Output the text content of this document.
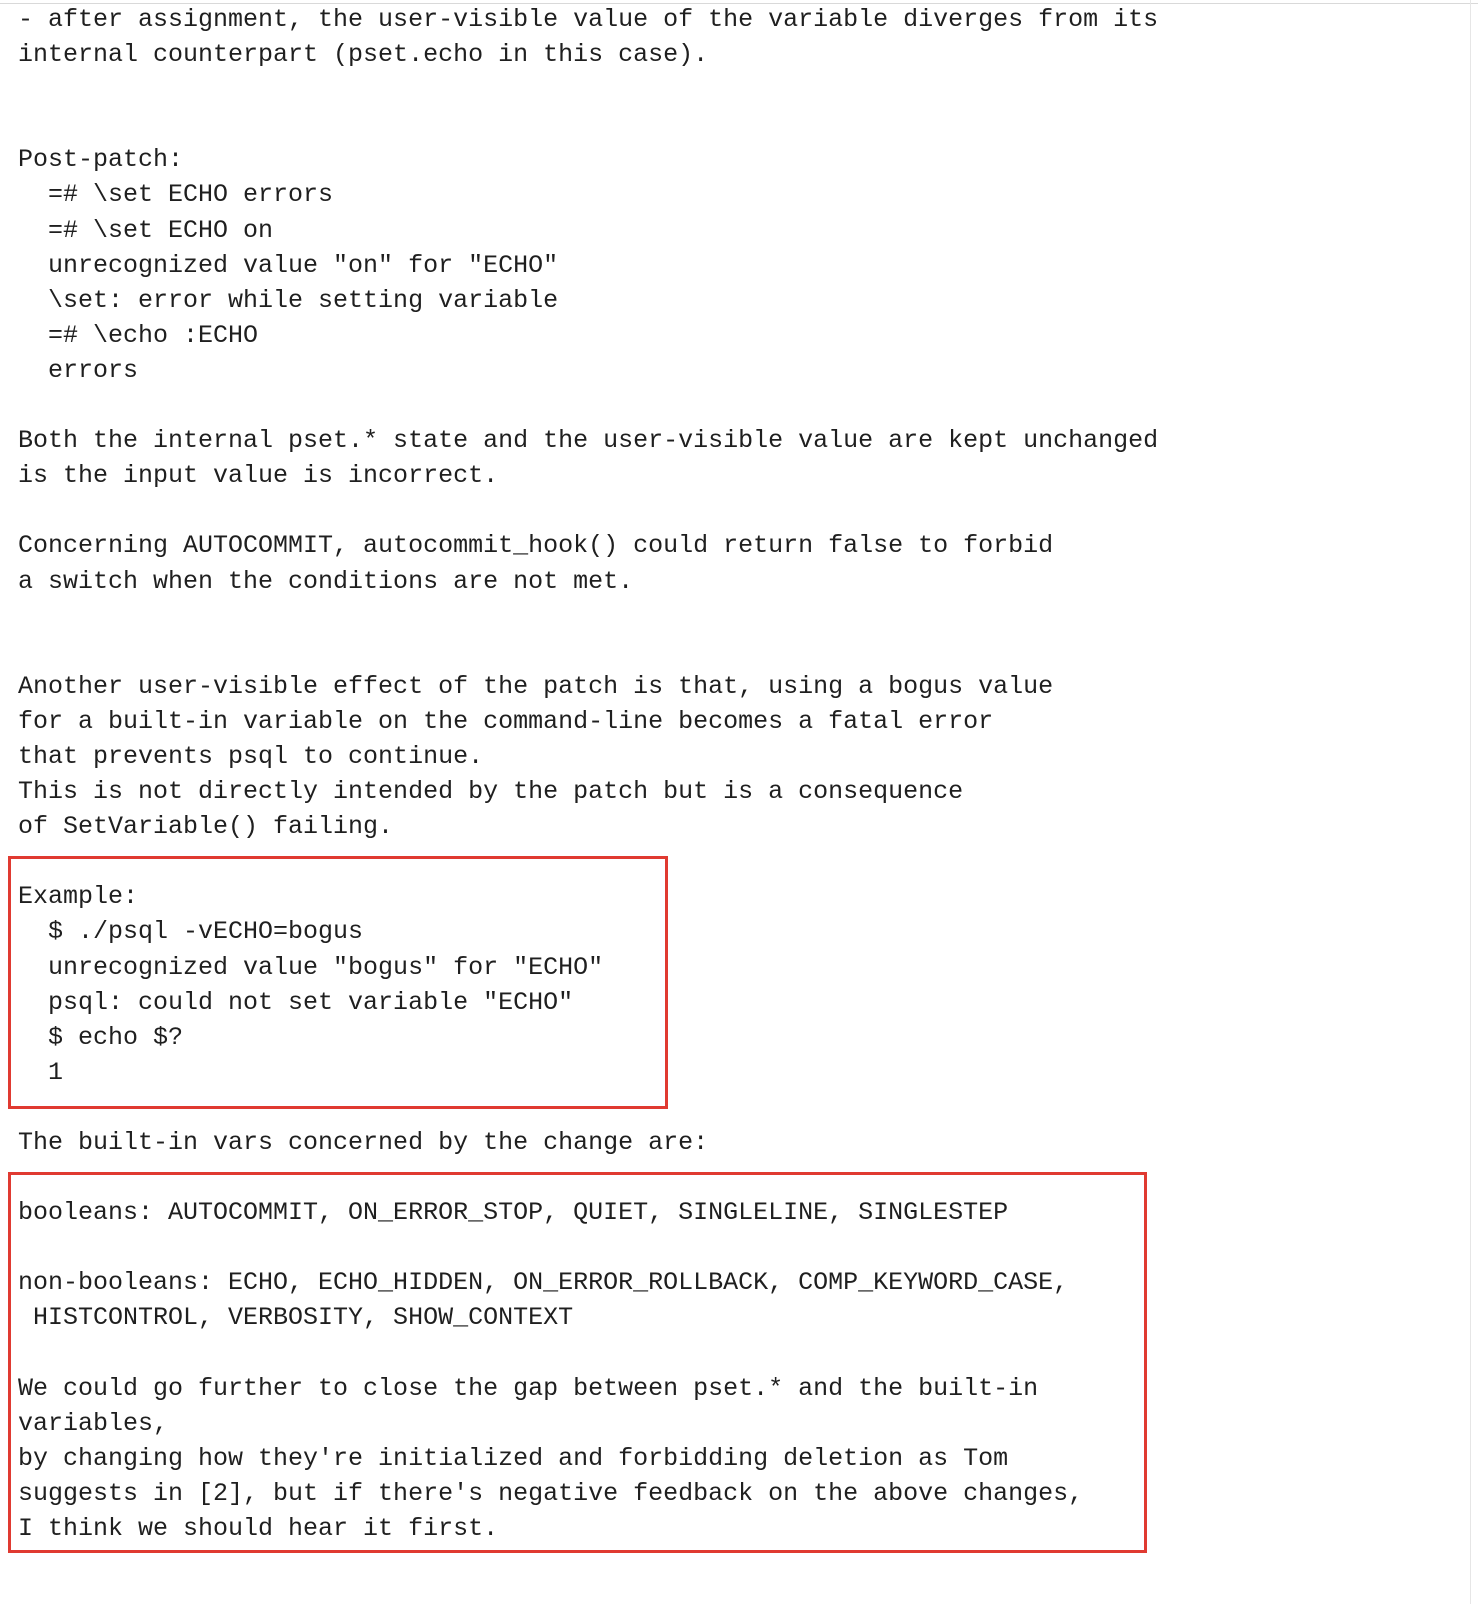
- after assignment, the user-visible value of the variable diverges from its
internal counterpart (pset.echo in this case).
Post-patch:
=# \set ECHO errors
=# \set ECHO on
unrecognized value "on" for "ECHO"
\set: error while setting variable
=# \echo :ECHO
errors
Both the internal pset.* state and the user-visible value are kept unchanged
is the input value is incorrect.
Concerning AUTOCOMMIT, autocommit_hook() could return false to forbid
a switch when the conditions are not met.
Another user-visible effect of the patch is that, using a bogus value
for a built-in variable on the command-line becomes a fatal error
that prevents psql to continue.
This is not directly intended by the patch but is a consequence
of SetVariable() failing.
Example:
$ ./psql -vECHO=bogus
unrecognized value "bogus" for "ECHO"
psql: could not set variable "ECHO"
$ echo $?
1
The built-in vars concerned by the change are:
booleans: AUTOCOMMIT, ON_ERROR_STOP, QUIET, SINGLELINE, SINGLESTEP
non-booleans: ECHO, ECHO_HIDDEN, ON_ERROR_ROLLBACK, COMP_KEYWORD_CASE,
HISTCONTROL, VERBOSITY, SHOW_CONTEXT
We could go further to close the gap between pset.* and the built-in
variables,
by changing how they're initialized and forbidding deletion as Tom
suggests in [2], but if there's negative feedback on the above changes,
I think we should hear it first.
